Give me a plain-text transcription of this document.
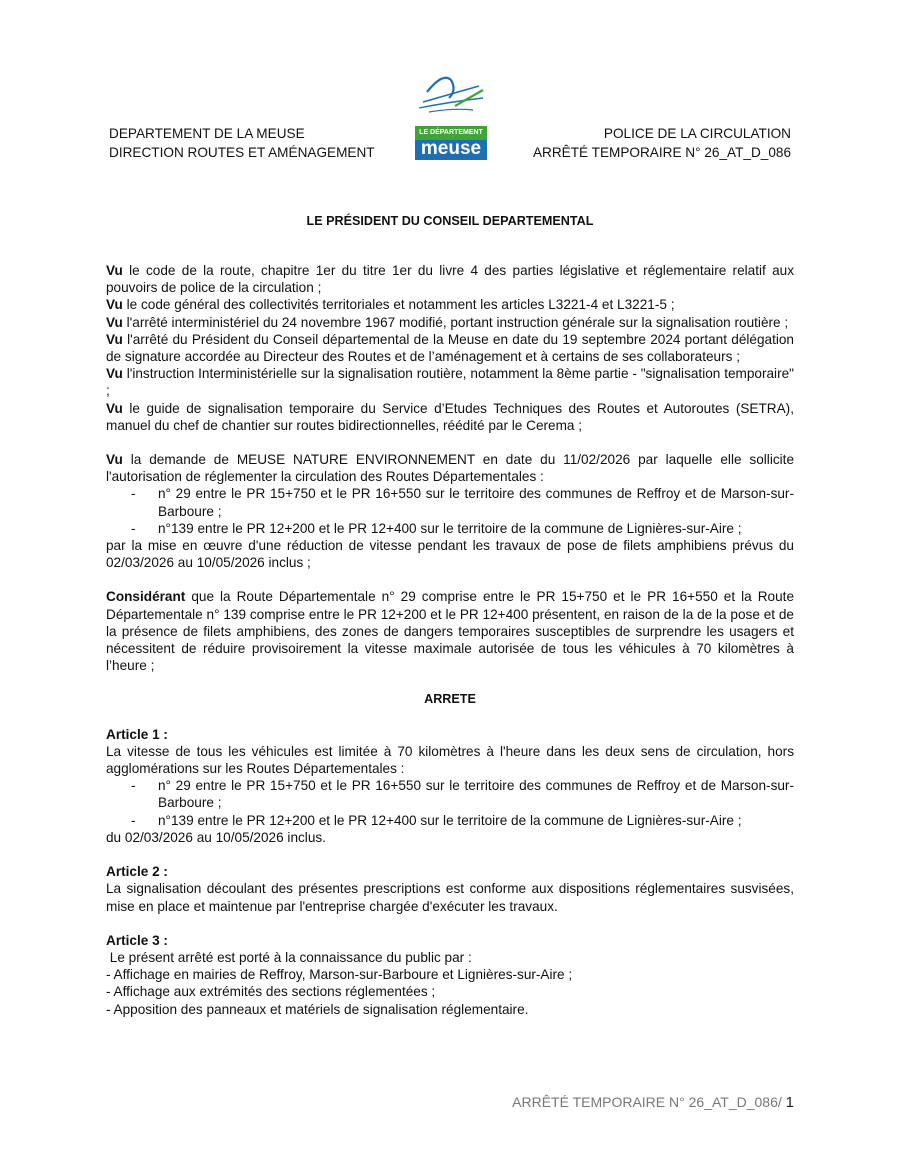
DEPARTEMENT DE LA MEUSE
DIRECTION ROUTES ET AMÉNAGEMENT
LE DÉPARTEMENT
meuse
POLICE DE LA CIRCULATION
ARRÊTÉ TEMPORAIRE N° 26_AT_D_086
LE PRÉSIDENT DU CONSEIL DEPARTEMENTAL

Vu le code de la route, chapitre 1er du titre 1er du livre 4 des parties législative et réglementaire relatif aux pouvoirs de police de la circulation ;

Vu le code général des collectivités territoriales et notamment les articles L3221-4 et L3221-5 ;

Vu l'arrêté interministériel du 24 novembre 1967 modifié, portant instruction générale sur la signalisation routière ;

Vu l'arrêté du Président du Conseil départemental de la Meuse en date du 19 septembre 2024 portant délégation de signature accordée au Directeur des Routes et de l’aménagement et à certains de ses collaborateurs ;

Vu l'instruction Interministérielle sur la signalisation routière, notamment la 8ème partie - "signalisation temporaire" ;

Vu le guide de signalisation temporaire du Service d’Etudes Techniques des Routes et Autoroutes (SETRA), manuel du chef de chantier sur routes bidirectionnelles, réédité par le Cerema ;

Vu la demande de MEUSE NATURE ENVIRONNEMENT en date du 11/02/2026 par laquelle elle sollicite l'autorisation de réglementer la circulation des Routes Départementales :

- n° 29 entre le PR 15+750 et le PR 16+550 sur le territoire des communes de Reffroy et de Marson-sur-Barboure ;
- n°139 entre le PR 12+200 et le PR 12+400 sur le territoire de la commune de Lignières-sur-Aire ;

par la mise en œuvre d'une réduction de vitesse pendant les travaux de pose de filets amphibiens prévus du 02/03/2026 au 10/05/2026 inclus ;

Considérant que la Route Départementale n° 29 comprise entre le PR 15+750 et le PR 16+550 et la Route Départementale n° 139 comprise entre le PR 12+200 et le PR 12+400 présentent, en raison de la de la pose et de la présence de filets amphibiens, des zones de dangers temporaires susceptibles de surprendre les usagers et nécessitent de réduire provisoirement la vitesse maximale autorisée de tous les véhicules à 70 kilomètres à l’heure ;

ARRETE

Article 1 :

La vitesse de tous les véhicules est limitée à 70 kilomètres à l'heure dans les deux sens de circulation, hors agglomérations sur les Routes Départementales :

- n° 29 entre le PR 15+750 et le PR 16+550 sur le territoire des communes de Reffroy et de Marson-sur-Barboure ;
- n°139 entre le PR 12+200 et le PR 12+400 sur le territoire de la commune de Lignières-sur-Aire ;

du 02/03/2026 au 10/05/2026 inclus.

Article 2 :

La signalisation découlant des présentes prescriptions est conforme aux dispositions réglementaires susvisées, mise en place et maintenue par l'entreprise chargée d'exécuter les travaux.

Article 3 :

Le présent arrêté est porté à la connaissance du public par :

- Affichage en mairies de Reffroy, Marson-sur-Barboure et Lignières-sur-Aire ;

- Affichage aux extrémités des sections réglementées ;

- Apposition des panneaux et matériels de signalisation réglementaire.

ARRÊTÉ TEMPORAIRE N° 26_AT_D_086/ 1
